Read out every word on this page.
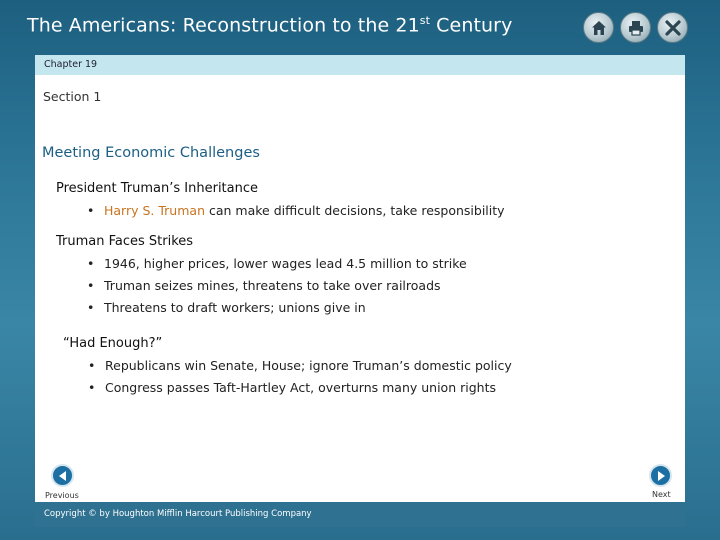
The Americans: Reconstruction to the 21st Century
Chapter 19
Section 1
Meeting Economic Challenges
President Truman’s Inheritance
• Harry S. Truman can make difficult decisions, take responsibility
Truman Faces Strikes
• 1946, higher prices, lower wages lead 4.5 million to strike
• Truman seizes mines, threatens to take over railroads
• Threatens to draft workers; unions give in
“Had Enough?”
• Republicans win Senate, House; ignore Truman’s domestic policy
• Congress passes Taft-Hartley Act, overturns many union rights
Previous	Next
Copyright © by Houghton Mifflin Harcourt Publishing Company
